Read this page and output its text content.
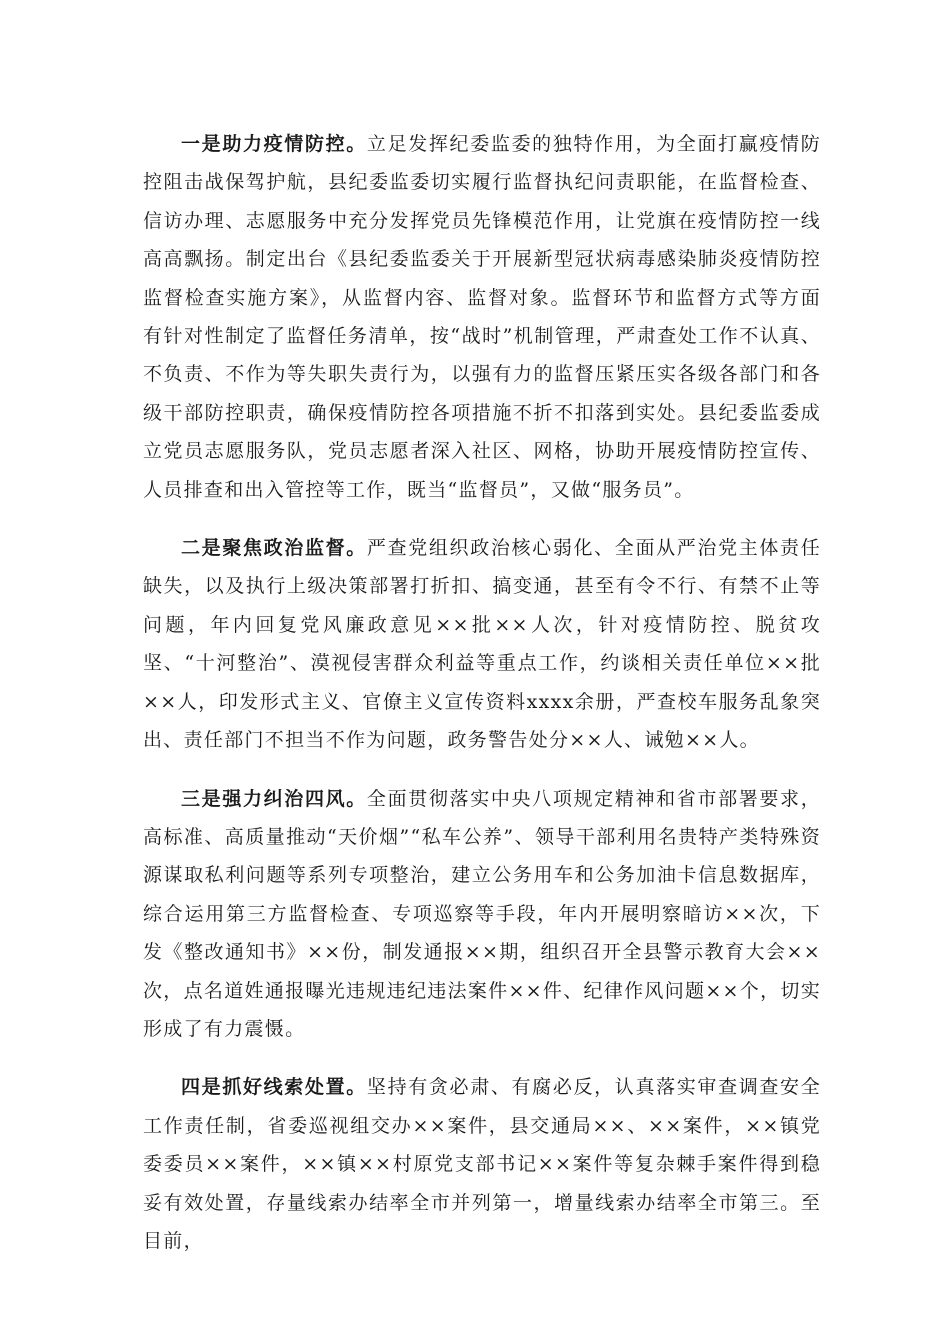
一是助力疫情防控。立足发挥纪委监委的独特作用，为全面打赢疫情防控阻击战保驾护航，县纪委监委切实履行监督执纪问责职能，在监督检查、信访办理、志愿服务中充分发挥党员先锋模范作用，让党旗在疫情防控一线高高飘扬。制定出台《县纪委监委关于开展新型冠状病毒感染肺炎疫情防控监督检查实施方案》，从监督内容、监督对象。监督环节和监督方式等方面有针对性制定了监督任务清单，按“战时”机制管理，严肃查处工作不认真、不负责、不作为等失职失责行为，以强有力的监督压紧压实各级各部门和各级干部防控职责，确保疫情防控各项措施不折不扣落到实处。县纪委监委成立党员志愿服务队，党员志愿者深入社区、网格，协助开展疫情防控宣传、人员排查和出入管控等工作，既当“监督员”，又做“服务员”。

二是聚焦政治监督。严查党组织政治核心弱化、全面从严治党主体责任缺失，以及执行上级决策部署打折扣、搞变通，甚至有令不行、有禁不止等问题，年内回复党风廉政意见××批××人次，针对疫情防控、脱贫攻坚、“十河整治”、漠视侵害群众利益等重点工作，约谈相关责任单位××批××人，印发形式主义、官僚主义宣传资料xxxx余册，严查校车服务乱象突出、责任部门不担当不作为问题，政务警告处分××人、诫勉××人。

三是强力纠治四风。全面贯彻落实中央八项规定精神和省市部署要求，高标准、高质量推动“天价烟”“私车公养”、领导干部利用名贵特产类特殊资源谋取私利问题等系列专项整治，建立公务用车和公务加油卡信息数据库，综合运用第三方监督检查、专项巡察等手段，年内开展明察暗访××次，下发《整改通知书》××份，制发通报××期，组织召开全县警示教育大会××次，点名道姓通报曝光违规违纪违法案件××件、纪律作风问题××个，切实形成了有力震慑。

四是抓好线索处置。坚持有贪必肃、有腐必反，认真落实审查调查安全工作责任制，省委巡视组交办××案件，县交通局××、××案件，××镇党委委员××案件，××镇××村原党支部书记××案件等复杂棘手案件得到稳妥有效处置，存量线索办结率全市并列第一，增量线索办结率全市第三。至目前，
